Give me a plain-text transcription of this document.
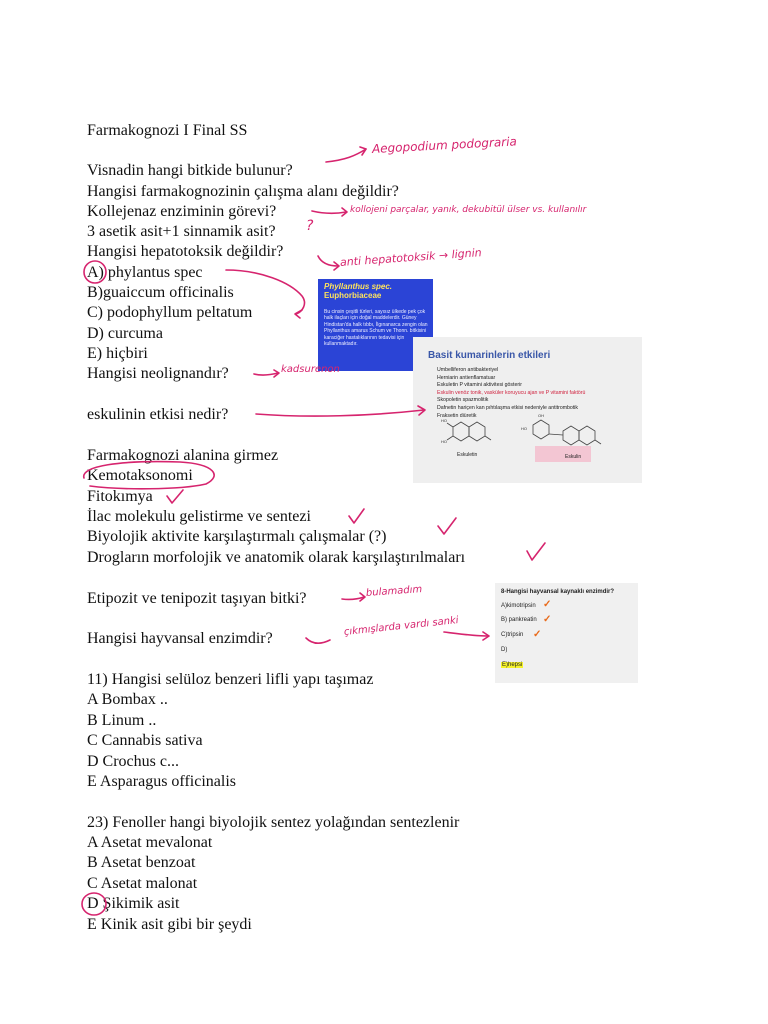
Farmakognozi I Final SS
Visnadin hangi bitkide bulunur?
Hangisi farmakognozinin çalışma alanı değildir?
Kollejenaz enziminin görevi?
3 asetik asit+1 sinnamik asit?
Hangisi hepatotoksik değildir?
A) phylantus spec
B)guaiccum officinalis
C) podophyllum peltatum
D) curcuma
E) hiçbiri
Hangisi neolignandır?
eskulinin etkisi nedir?
Farmakognozi alanina girmez
Kemotaksonomi
Fitokımya
İlac molekulu gelistirme ve sentezi
Biyolojik aktivite karşılaştırmalı çalışmalar (?)
Drogların morfolojik ve anatomik olarak karşılaştırılmaları
Etipozit ve tenipozit taşıyan bitki?
Hangisi hayvansal enzimdir?
11) Hangisi selüloz benzeri lifli yapı taşımaz
A Bombax ..
B Linum ..
C Cannabis sativa
D Crochus c...
E Asparagus officinalis
23) Fenoller hangi biyolojik sentez yolağından sentezlenir
A Asetat mevalonat
B Asetat benzoat
C Asetat malonat
D Şikimik asit
E Kinik asit gibi bir şeydi
Phyllanthus spec.
Euphorbiaceae
Bu cinsin çeşitli türleri, sayısız ülkede pek çok halk ilaçları için doğal maddelerdir. Güney Hindistan'da halk tıbbı, İlgınanarca zengin olan Phyllanthus amarus Schum ve Thonn. bitkisini karaciğer hastalıklarının tedavisi için kullanmaktadır.
Basit kumarinlerin etkileri
• Umbelliferon antibakteriyel
• Herniarin antienflamatuar
• Eskuletin P vitamini aktivitesi gösterir
• Eskulin venöz tonik, vasküler koruyucu ajan ve P vitamini faktörü
• Skopoletin spazmolitik
• Dafnetin hariçen kan pıhtılaşma etkisi nedeniyle antitrombotik
• Fraksetin diüretik
HO
HO
OH
HO
Eskuletin	Eskulin
8-Hangisi hayvansal kaynaklı enzimdir?
A)kimotripsin
B) pankreatin
C)tripsin
D)
E)hepsi
✓
✓
✓
Aegopodium podograria
kollojeni parçalar, yanık, dekubitül ülser vs. kullanılır
?
anti hepatotoksik → lignin
kadsurenon
bulamadım
çıkmışlarda vardı sanki
